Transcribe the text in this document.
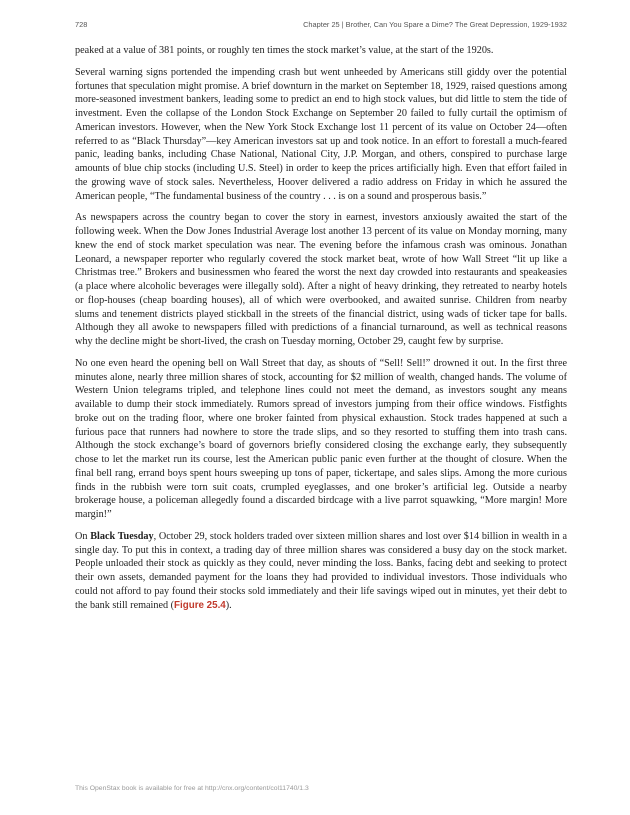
728	Chapter 25 | Brother, Can You Spare a Dime? The Great Depression, 1929-1932

peaked at a value of 381 points, or roughly ten times the stock market’s value, at the start of the 1920s.

Several warning signs portended the impending crash but went unheeded by Americans still giddy over the potential fortunes that speculation might promise. A brief downturn in the market on September 18, 1929, raised questions among more-seasoned investment bankers, leading some to predict an end to high stock values, but did little to stem the tide of investment. Even the collapse of the London Stock Exchange on September 20 failed to fully curtail the optimism of American investors. However, when the New York Stock Exchange lost 11 percent of its value on October 24—often referred to as “Black Thursday”—key American investors sat up and took notice. In an effort to forestall a much-feared panic, leading banks, including Chase National, National City, J.P. Morgan, and others, conspired to purchase large amounts of blue chip stocks (including U.S. Steel) in order to keep the prices artificially high. Even that effort failed in the growing wave of stock sales. Nevertheless, Hoover delivered a radio address on Friday in which he assured the American people, “The fundamental business of the country . . . is on a sound and prosperous basis.”

As newspapers across the country began to cover the story in earnest, investors anxiously awaited the start of the following week. When the Dow Jones Industrial Average lost another 13 percent of its value on Monday morning, many knew the end of stock market speculation was near. The evening before the infamous crash was ominous. Jonathan Leonard, a newspaper reporter who regularly covered the stock market beat, wrote of how Wall Street “lit up like a Christmas tree.” Brokers and businessmen who feared the worst the next day crowded into restaurants and speakeasies (a place where alcoholic beverages were illegally sold). After a night of heavy drinking, they retreated to nearby hotels or flop-houses (cheap boarding houses), all of which were overbooked, and awaited sunrise. Children from nearby slums and tenement districts played stickball in the streets of the financial district, using wads of ticker tape for balls. Although they all awoke to newspapers filled with predictions of a financial turnaround, as well as technical reasons why the decline might be short-lived, the crash on Tuesday morning, October 29, caught few by surprise.

No one even heard the opening bell on Wall Street that day, as shouts of “Sell! Sell!” drowned it out. In the first three minutes alone, nearly three million shares of stock, accounting for $2 million of wealth, changed hands. The volume of Western Union telegrams tripled, and telephone lines could not meet the demand, as investors sought any means available to dump their stock immediately. Rumors spread of investors jumping from their office windows. Fistfights broke out on the trading floor, where one broker fainted from physical exhaustion. Stock trades happened at such a furious pace that runners had nowhere to store the trade slips, and so they resorted to stuffing them into trash cans. Although the stock exchange’s board of governors briefly considered closing the exchange early, they subsequently chose to let the market run its course, lest the American public panic even further at the thought of closure. When the final bell rang, errand boys spent hours sweeping up tons of paper, tickertape, and sales slips. Among the more curious finds in the rubbish were torn suit coats, crumpled eyeglasses, and one broker’s artificial leg. Outside a nearby brokerage house, a policeman allegedly found a discarded birdcage with a live parrot squawking, “More margin! More margin!”

On Black Tuesday, October 29, stock holders traded over sixteen million shares and lost over $14 billion in wealth in a single day. To put this in context, a trading day of three million shares was considered a busy day on the stock market. People unloaded their stock as quickly as they could, never minding the loss. Banks, facing debt and seeking to protect their own assets, demanded payment for the loans they had provided to individual investors. Those individuals who could not afford to pay found their stocks sold immediately and their life savings wiped out in minutes, yet their debt to the bank still remained (Figure 25.4).

This OpenStax book is available for free at http://cnx.org/content/col11740/1.3
